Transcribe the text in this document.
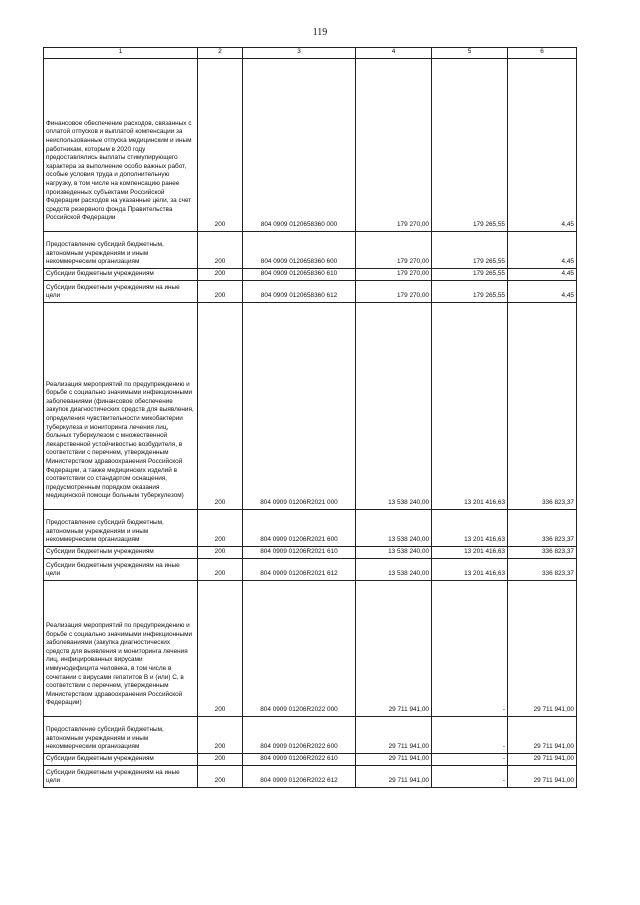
119
1	2	3	4	5	6

Финансовое обеспечение расходов, связанных с оплатой отпусков и выплатой компенсации за неиспользованные отпуска медицинским и иным работникам, которым в 2020 году предоставлялись выплаты стимулирующего характера за выполнение особо важных работ, особые условия труда и дополнительную нагрузку, в том числе на компенсацию ранее произведенных субъектами Российской Федерации расходов на указанные цели, за счет средств резервного фонда Правительства Российской Федерации	200	804 0909 0120658360 000	179 270,00	179 265,55	4,45
Предоставление субсидий бюджетным, автономным учреждениям и иным некоммерческим организациям	200	804 0909 0120658360 600	179 270,00	179 265,55	4,45
Субсидии бюджетным учреждениям	200	804 0909 0120658360 610	179 270,00	179 265,55	4,45
Субсидии бюджетным учреждениям на иные цели	200	804 0909 0120658360 612	179 270,00	179 265,55	4,45

Реализация мероприятий по предупреждению и борьбе с социально значимыми инфекционными заболеваниями (финансовое обеспечение закупок диагностических средств для выявления, определения чувствительности микобактерии туберкулеза и мониторинга лечения лиц, больных туберкулезом с множественной лекарственной устойчивостью возбудителя, в соответствии с перечнем, утвержденным Министерством здравоохранения Российской Федерации, а также медицинских изделий в соответствии со стандартом оснащения, предусмотренным порядком оказания медицинской помощи больным туберкулезом)	200	804 0909 01206R2021 000	13 538 240,00	13 201 416,63	336 823,37
Предоставление субсидий бюджетным, автономным учреждениям и иным некоммерческим организациям	200	804 0909 01206R2021 600	13 538 240,00	13 201 416,63	336 823,37
Субсидии бюджетным учреждениям	200	804 0909 01206R2021 610	13 538 240,00	13 201 416,63	336 823,37
Субсидии бюджетным учреждениям на иные цели	200	804 0909 01206R2021 612	13 538 240,00	13 201 416,63	336 823,37

Реализация мероприятий по предупреждению и борьбе с социально значимыми инфекционными заболеваниями (закупка диагностических средств для выявления и мониторинга лечения лиц, инфицированных вирусами иммунодефицита человека, в том числе в сочетании с вирусами гепатитов В и (или) С, в соответствии с перечнем, утвержденным Министерством здравоохранения Российской Федерации)	200	804 0909 01206R2022 000	29 711 941,00	-	29 711 941,00
Предоставление субсидий бюджетным, автономным учреждениям и иным некоммерческим организациям	200	804 0909 01206R2022 600	29 711 941,00	-	29 711 941,00
Субсидии бюджетным учреждениям	200	804 0909 01206R2022 610	29 711 941,00	-	29 711 941,00
Субсидии бюджетным учреждениям на иные цели	200	804 0909 01206R2022 612	29 711 941,00	-	29 711 941,00
